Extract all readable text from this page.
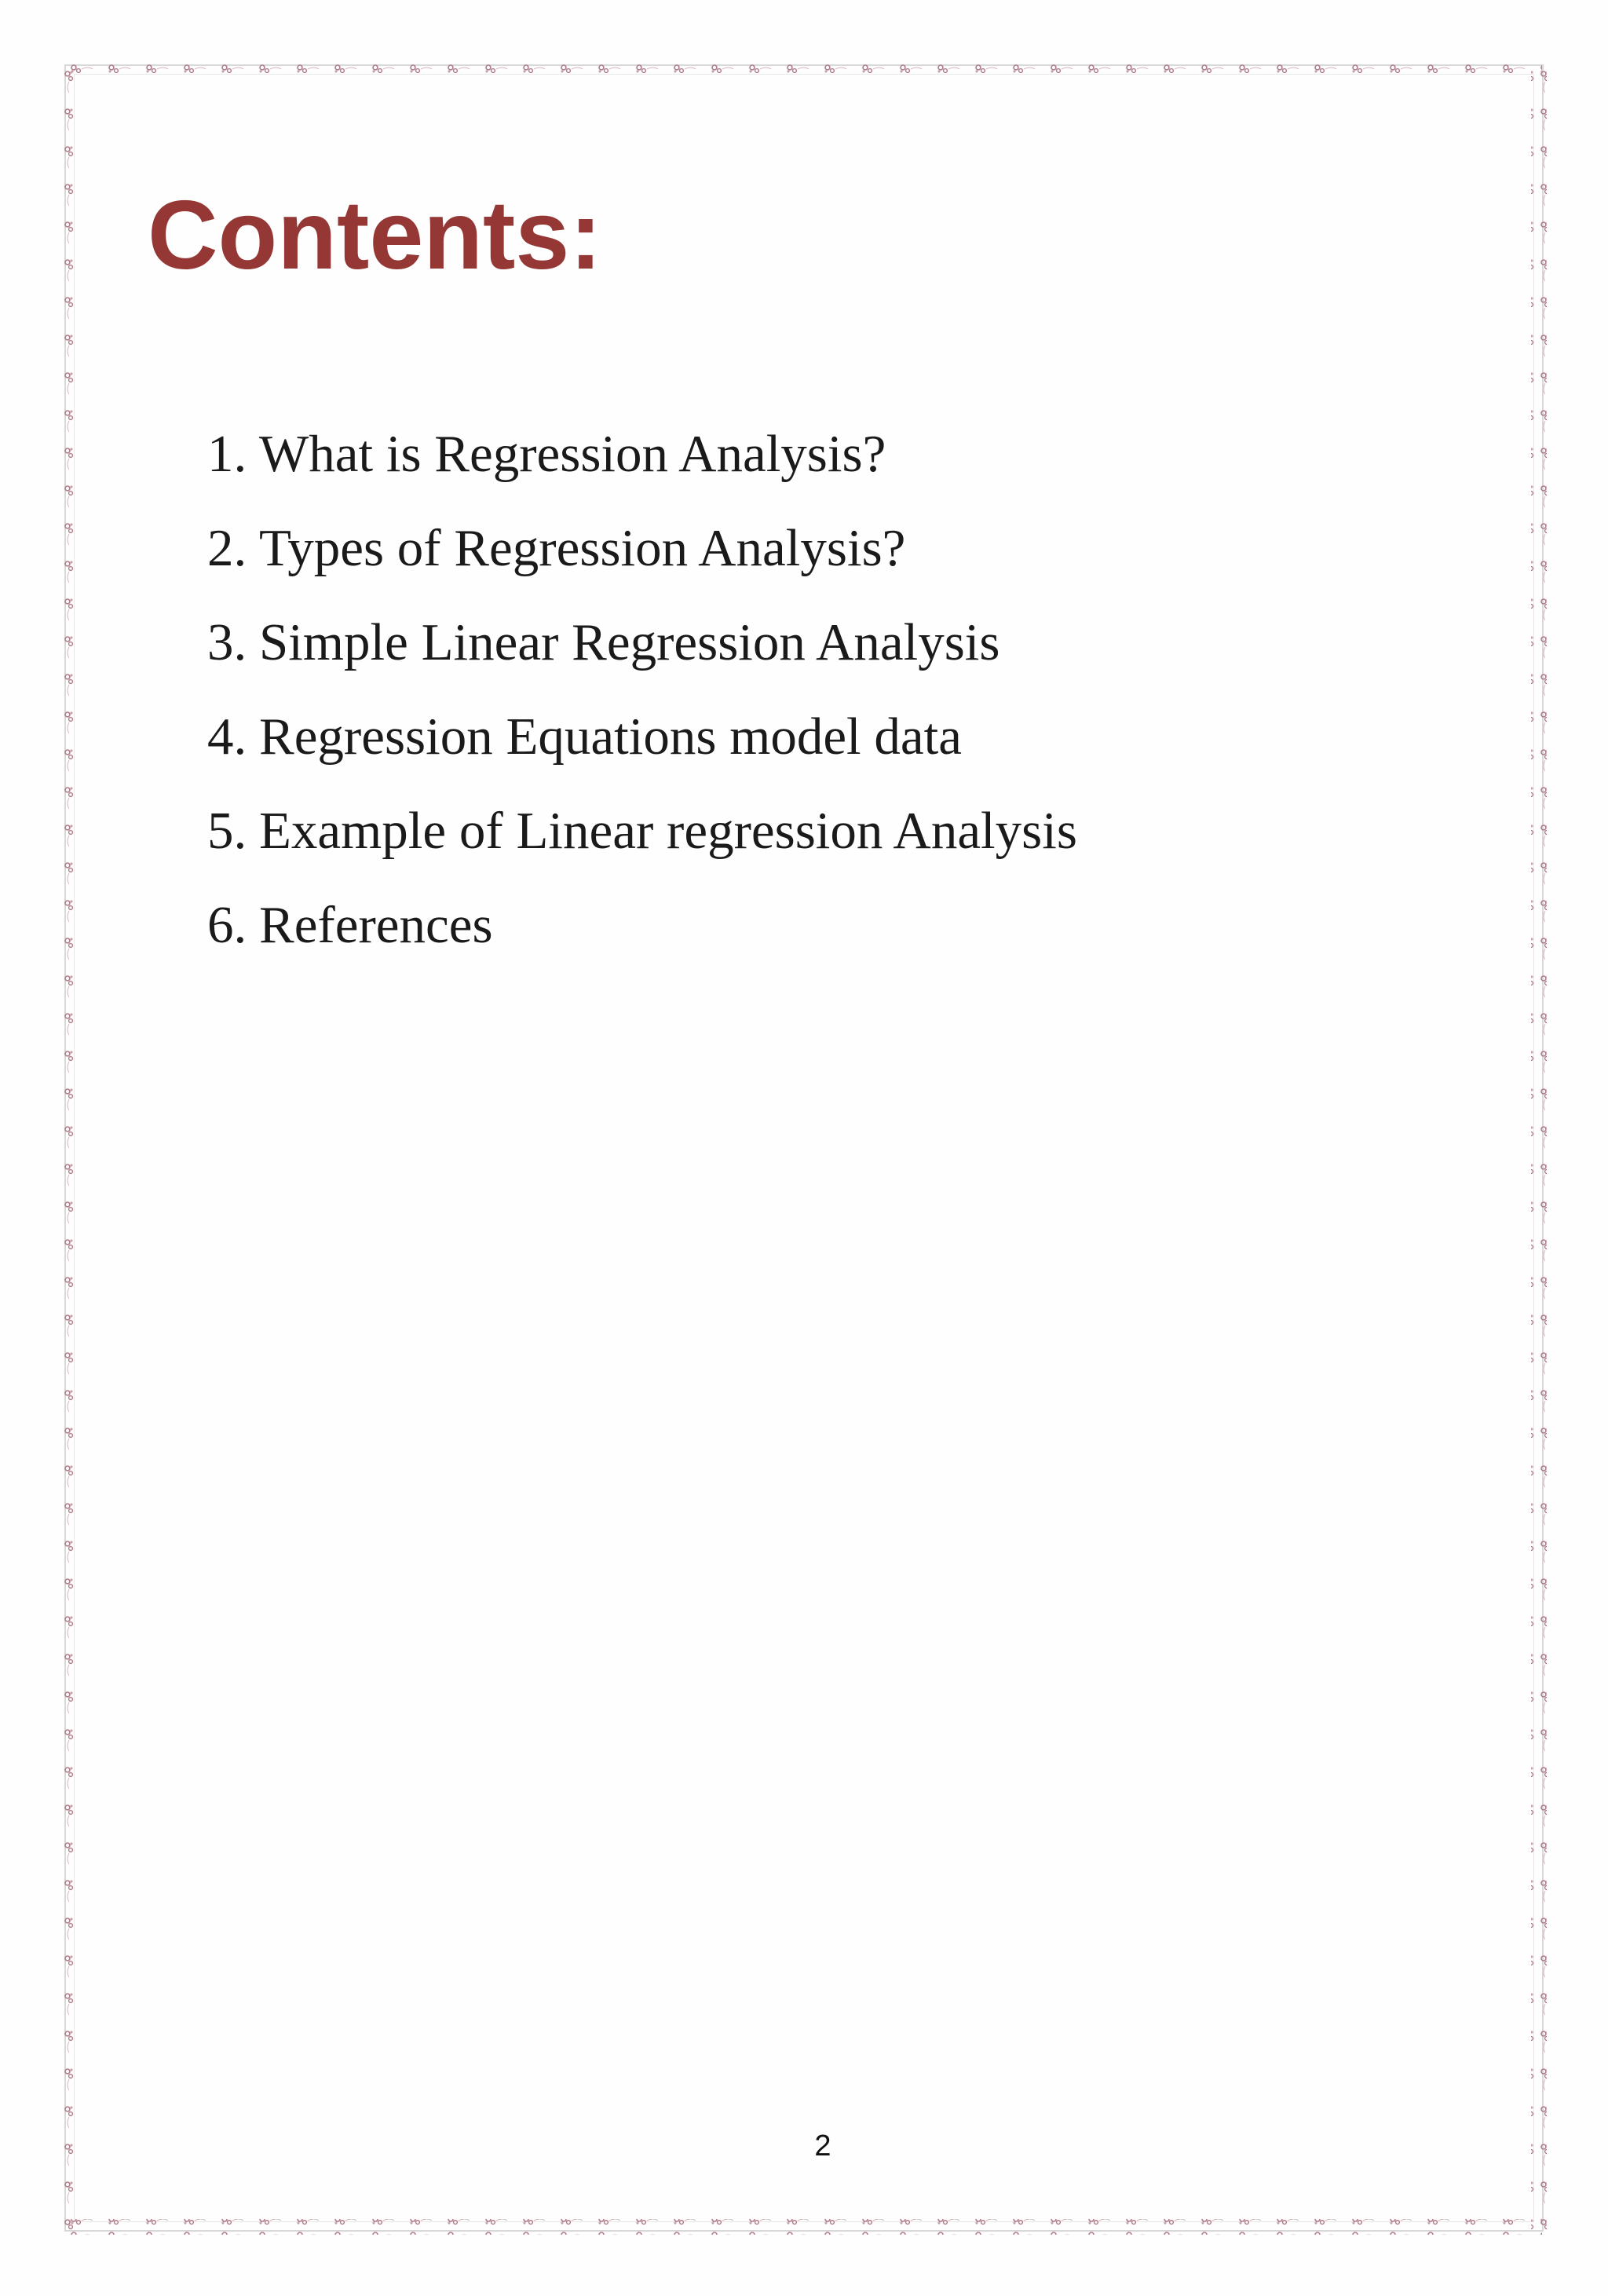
Contents:
1. What is Regression Analysis?
2. Types of Regression Analysis?
3. Simple Linear Regression Analysis
4. Regression Equations model data
5. Example of Linear regression Analysis
6. References
2
